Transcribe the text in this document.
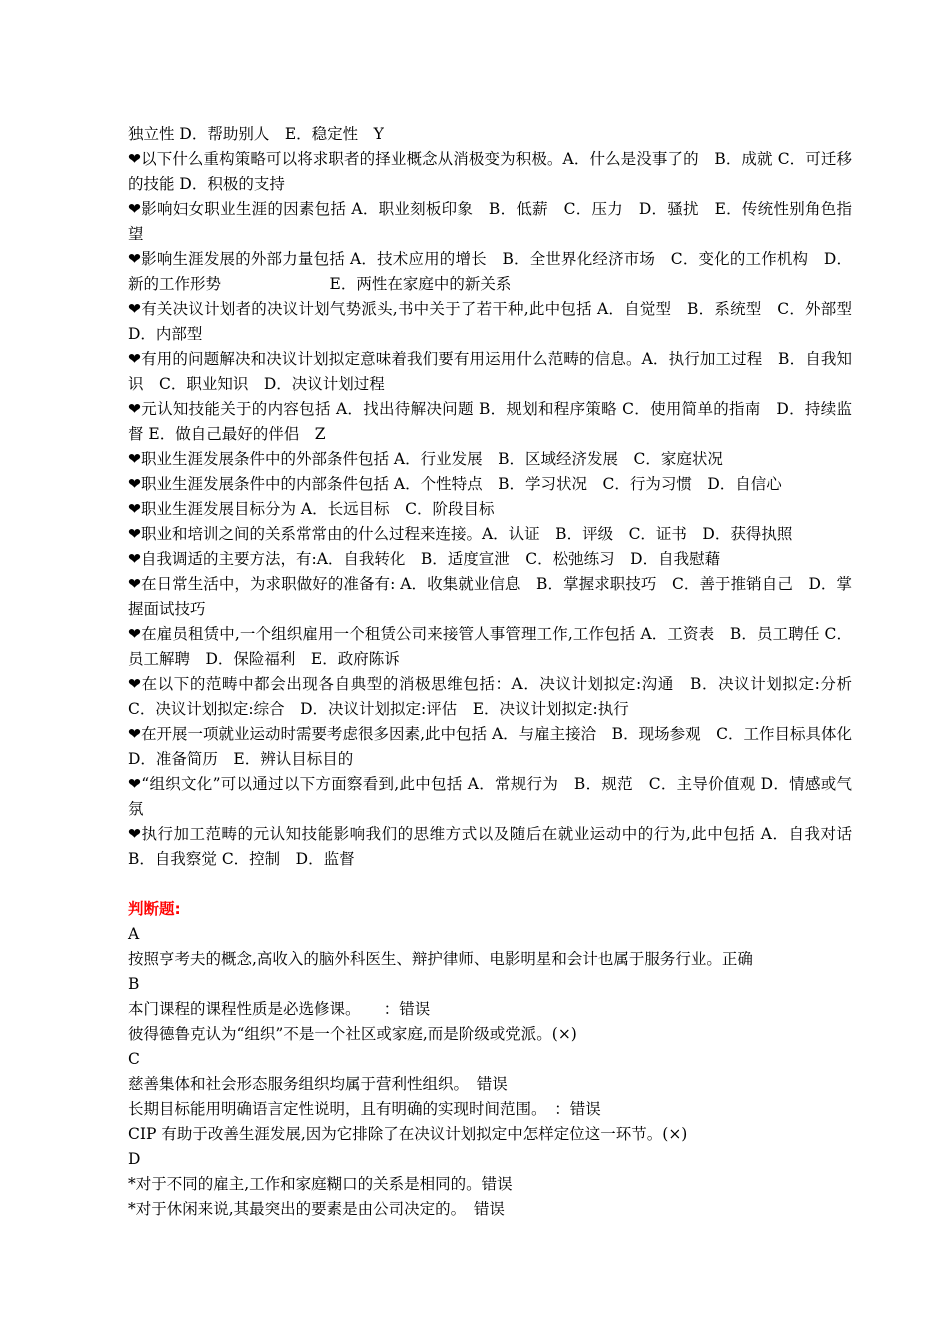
独立性 D．帮助别人　E．稳定性　Y

❤以下什么重构策略可以将求职者的择业概念从消极变为积极。A．什么是没事了的　B．成就 C．可迁移的技能 D．积极的支持

❤影响妇女职业生涯的因素包括 A．职业刻板印象　B．低薪　C．压力　D．骚扰　E．传统性别角色指望

❤影响生涯发展的外部力量包括 A．技术应用的增长　B．全世界化经济市场　C．变化的工作机构　D．新的工作形势　　　　　　　E．两性在家庭中的新关系

❤有关决议计划者的决议计划气势派头,书中关于了若干种,此中包括 A．自觉型　B．系统型　C．外部型　　D．内部型

❤有用的问题解决和决议计划拟定意味着我们要有用运用什么范畴的信息。A．执行加工过程　B．自我知识　C．职业知识　D．决议计划过程

❤元认知技能关于的内容包括 A．找出待解决问题 B．规划和程序策略 C．使用简单的指南　D．持续监督 E．做自己最好的伴侣　Z

❤职业生涯发展条件中的外部条件包括 A．行业发展　B．区域经济发展　C．家庭状况

❤职业生涯发展条件中的内部条件包括 A．个性特点　B．学习状况　C．行为习惯　D．自信心

❤职业生涯发展目标分为 A．长远目标　C．阶段目标

❤职业和培训之间的关系常常由的什么过程来连接。A．认证　B．评级　C．证书　D．获得执照

❤自我调适的主要方法，有:A．自我转化　B．适度宣泄　C．松弛练习　D．自我慰藉

❤在日常生活中，为求职做好的准备有: A．收集就业信息　B．掌握求职技巧　C．善于推销自己　D．掌握面试技巧

❤在雇员租赁中,一个组织雇用一个租赁公司来接管人事管理工作,工作包括 A．工资表　B．员工聘任 C．员工解聘　D．保险福利　E．政府陈诉

❤在以下的范畴中都会出现各自典型的消极思维包括：A．决议计划拟定:沟通　B．决议计划拟定:分析　C．决议计划拟定:综合　D．决议计划拟定:评估　E．决议计划拟定:执行

❤在开展一项就业运动时需要考虑很多因素,此中包括 A．与雇主接洽　B．现场参观　C．工作目标具体化　D．准备简历　E．辨认目标目的

❤“组织文化”可以通过以下方面察看到,此中包括 A．常规行为　B．规范　C．主导价值观 D．情感或气氛

❤执行加工范畴的元认知技能影响我们的思维方式以及随后在就业运动中的行为,此中包括 A．自我对话　B．自我察觉 C．控制　D．监督

判断题:

A

按照亨考夫的概念,高收入的脑外科医生、辩护律师、电影明星和会计也属于服务行业。正确

B

本门课程的课程性质是必选修课。　　：错误

彼得德鲁克认为“组织”不是一个社区或家庭,而是阶级或党派。(×)

C

慈善集体和社会形态服务组织均属于营利性组织。　错误

长期目标能用明确语言定性说明，且有明确的实现时间范围。　：错误

CIP 有助于改善生涯发展,因为它排除了在决议计划拟定中怎样定位这一环节。(×)

D

*对于不同的雇主,工作和家庭糊口的关系是相同的。错误

*对于休闲来说,其最突出的要素是由公司决定的。　错误
